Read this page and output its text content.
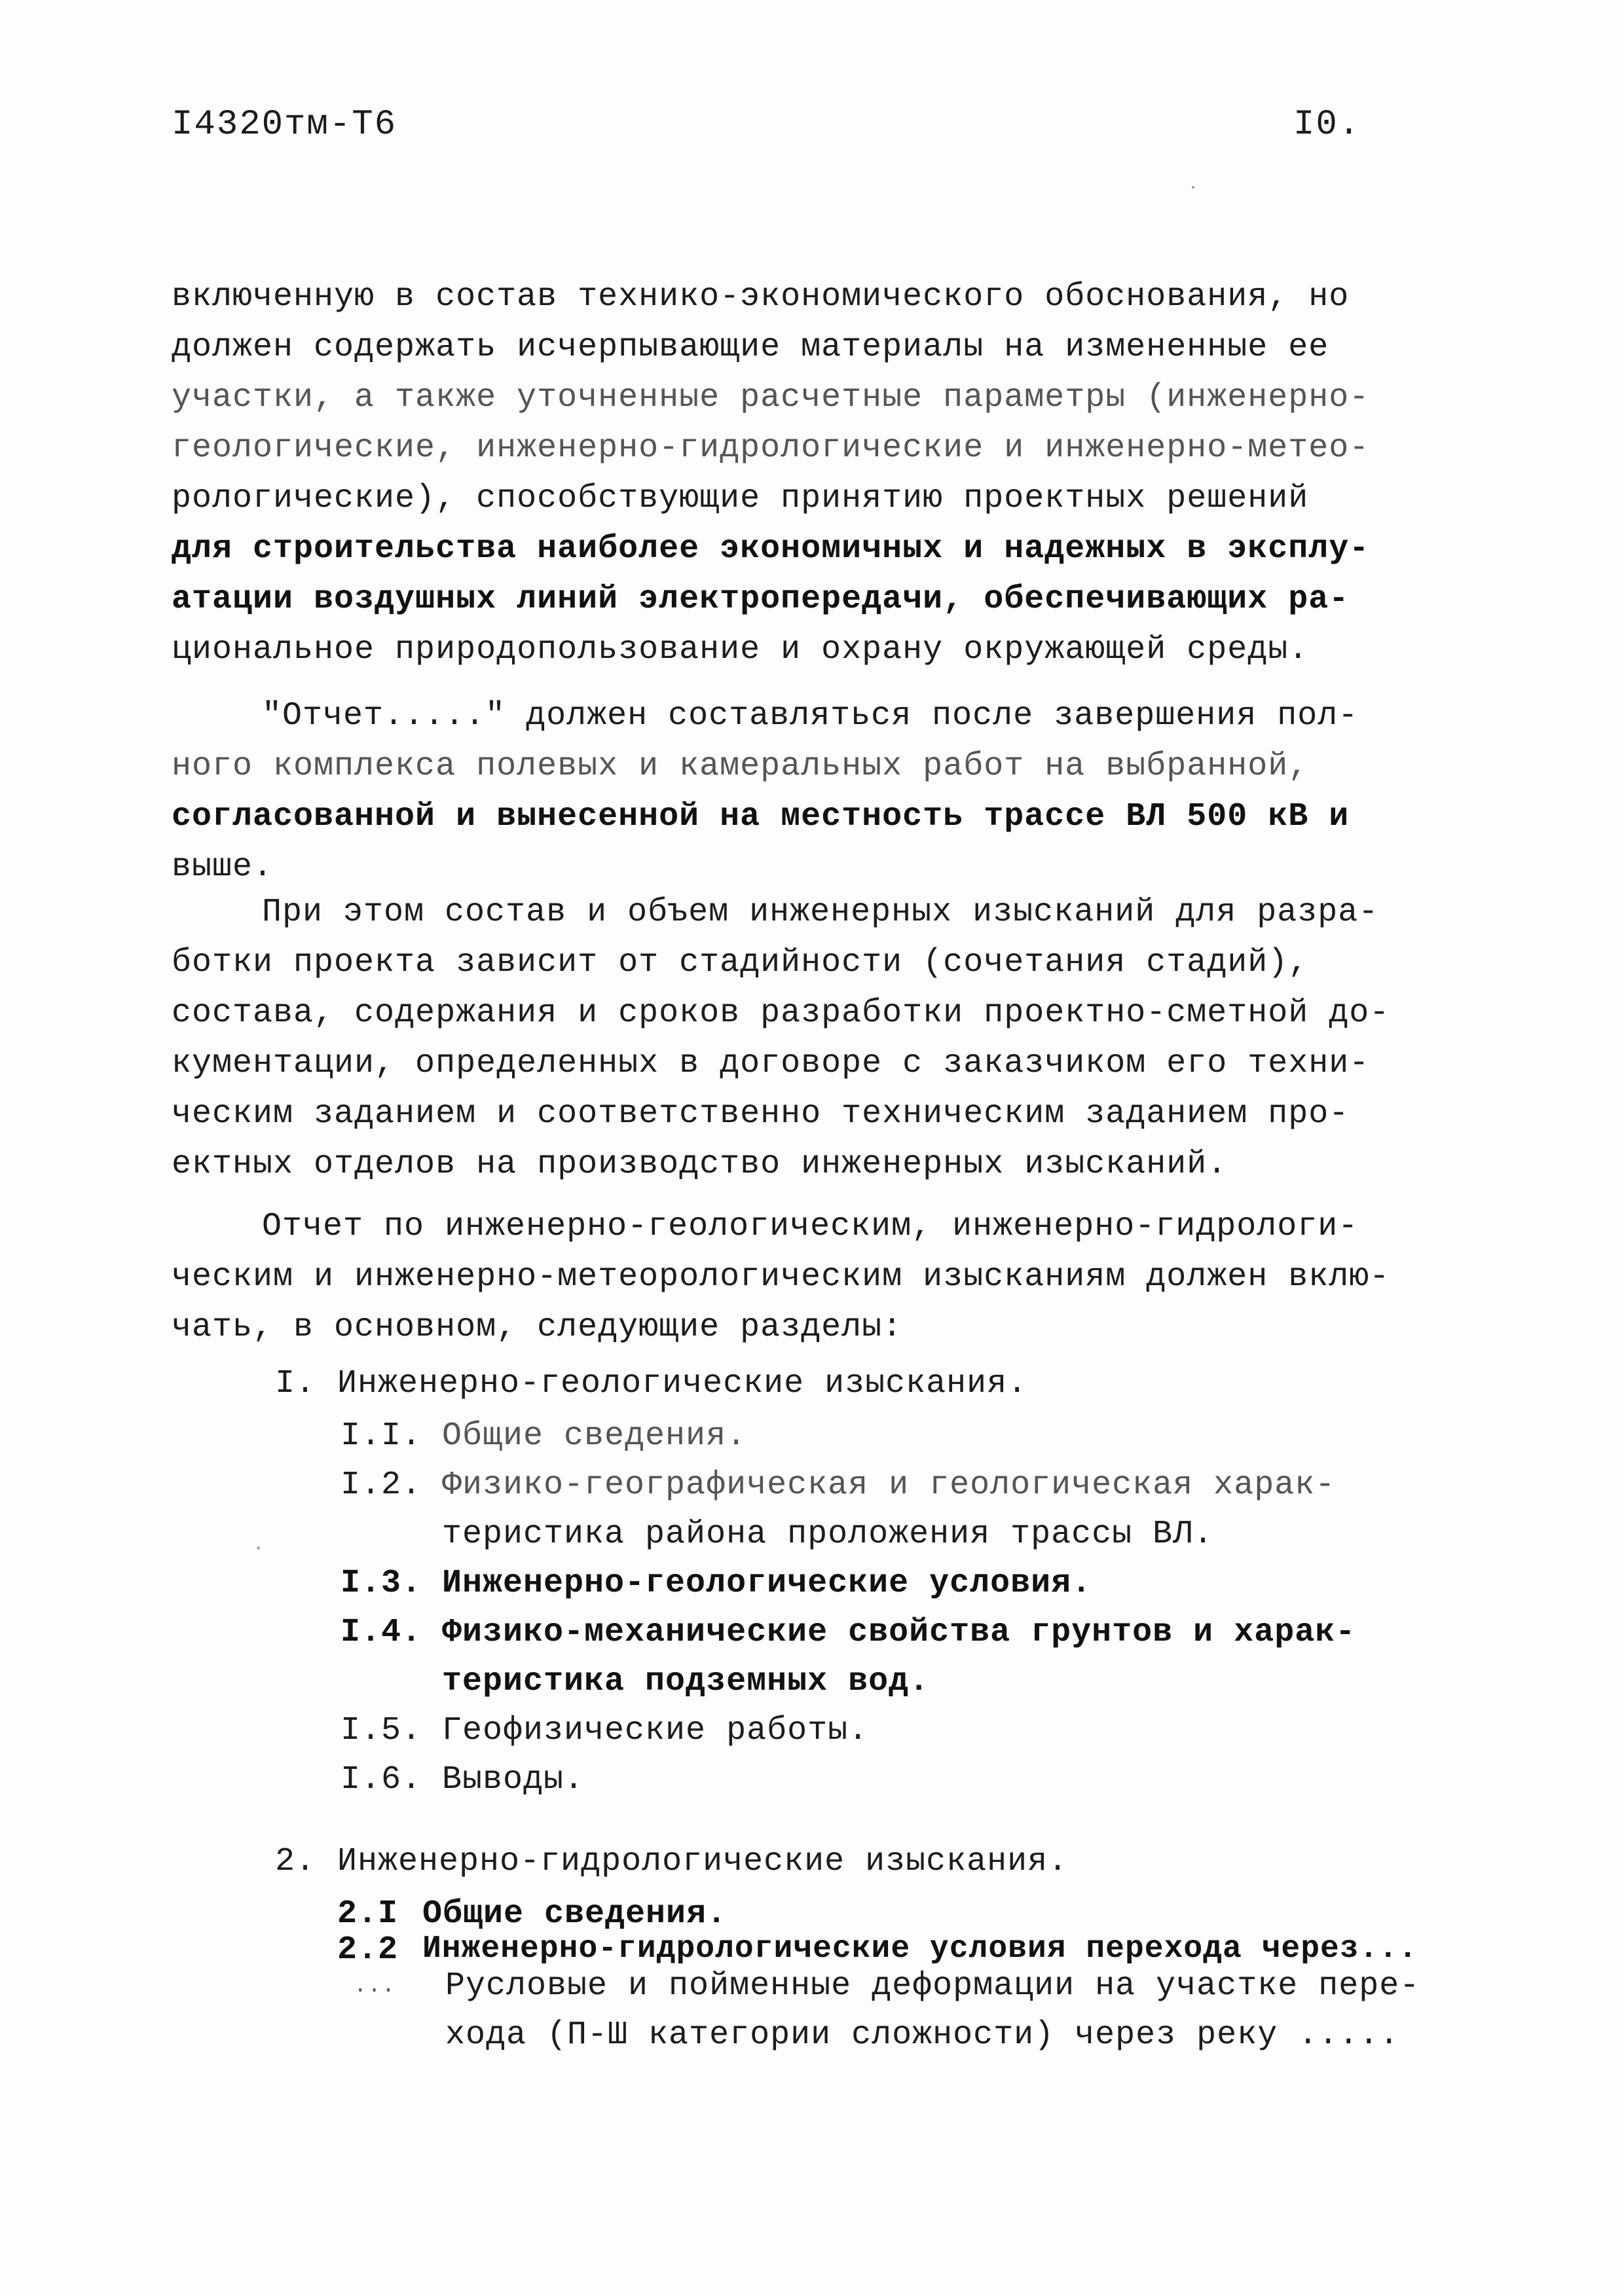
I4320тм-Т6	I0.
включенную в состав технико-экономического обоснования, но
должен содержать исчерпывающие материалы на измененные ее
участки, а также уточненные расчетные параметры (инженерно-
геологические, инженерно-гидрологические и инженерно-метео-
рологические), способствующие принятию проектных решений
для строительства наиболее экономичных и надежных в эксплу-
атации воздушных линий электропередачи, обеспечивающих ра-
циональное природопользование и охрану окружающей среды.
"Отчет....." должен составляться после завершения пол-
ного комплекса полевых и камеральных работ на выбранной,
согласованной и вынесенной на местность трассе ВЛ 500 кВ и
выше.
При этом состав и объем инженерных изысканий для разра-
ботки проекта зависит от стадийности (сочетания стадий),
состава, содержания и сроков разработки проектно-сметной до-
кументации, определенных в договоре с заказчиком его техни-
ческим заданием и соответственно техническим заданием про-
ектных отделов на производство инженерных изысканий.
Отчет по инженерно-геологическим, инженерно-гидрологи-
ческим и инженерно-метеорологическим изысканиям должен вклю-
чать, в основном, следующие разделы:
I. Инженерно-геологические изыскания.
I.I. Общие сведения.
I.2. Физико-географическая и геологическая харак-
теристика района проложения трассы ВЛ.
I.3. Инженерно-геологические условия.
I.4. Физико-механические свойства грунтов и харак-
теристика подземных вод.
I.5. Геофизические работы.
I.6. Выводы.
2. Инженерно-гидрологические изыскания.
2.I Общие сведения.
2.2 Инженерно-гидрологические условия перехода через...
... Русловые и пойменные деформации на участке пере-
хода (П-Ш категории сложности) через реку .....
